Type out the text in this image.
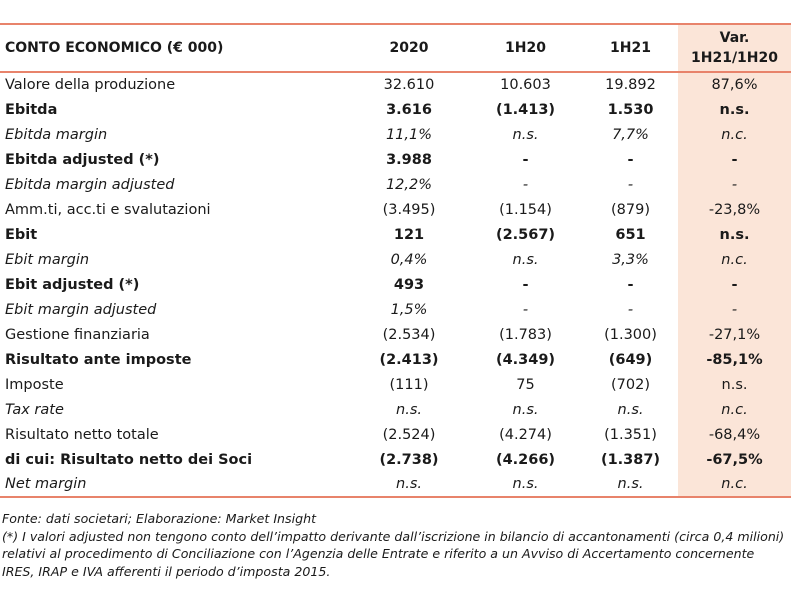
CONTO ECONOMICO (€ 000)	2020	1H20	1H21	Var.
1H21/1H20
Valore della produzione	32.610	10.603	19.892	87,6%
Ebitda	3.616	(1.413)	1.530	n.s.
Ebitda margin	11,1%	n.s.	7,7%	n.c.
Ebitda adjusted (*)	3.988	-	-	-
Ebitda margin adjusted	12,2%	-	-	-
Amm.ti, acc.ti e svalutazioni	(3.495)	(1.154)	(879)	-23,8%
Ebit	121	(2.567)	651	n.s.
Ebit margin	0,4%	n.s.	3,3%	n.c.
Ebit adjusted (*)	493	-	-	-
Ebit margin adjusted	1,5%	-	-	-
Gestione finanziaria	(2.534)	(1.783)	(1.300)	-27,1%
Risultato ante imposte	(2.413)	(4.349)	(649)	-85,1%
Imposte	(111)	75	(702)	n.s.
Tax rate	n.s.	n.s.	n.s.	n.c.
Risultato netto totale	(2.524)	(4.274)	(1.351)	-68,4%
di cui: Risultato netto dei Soci	(2.738)	(4.266)	(1.387)	-67,5%
Net margin	n.s.	n.s.	n.s.	n.c.

Fonte: dati societari; Elaborazione: Market Insight

(*) I valori adjusted non tengono conto dell’impatto derivante dall’iscrizione in bilancio di accantonamenti (circa 0,4 milioni) relativi al procedimento di Conciliazione con l’Agenzia delle Entrate e riferito a un Avviso di Accertamento concernente IRES, IRAP e IVA afferenti il periodo d’imposta 2015.
